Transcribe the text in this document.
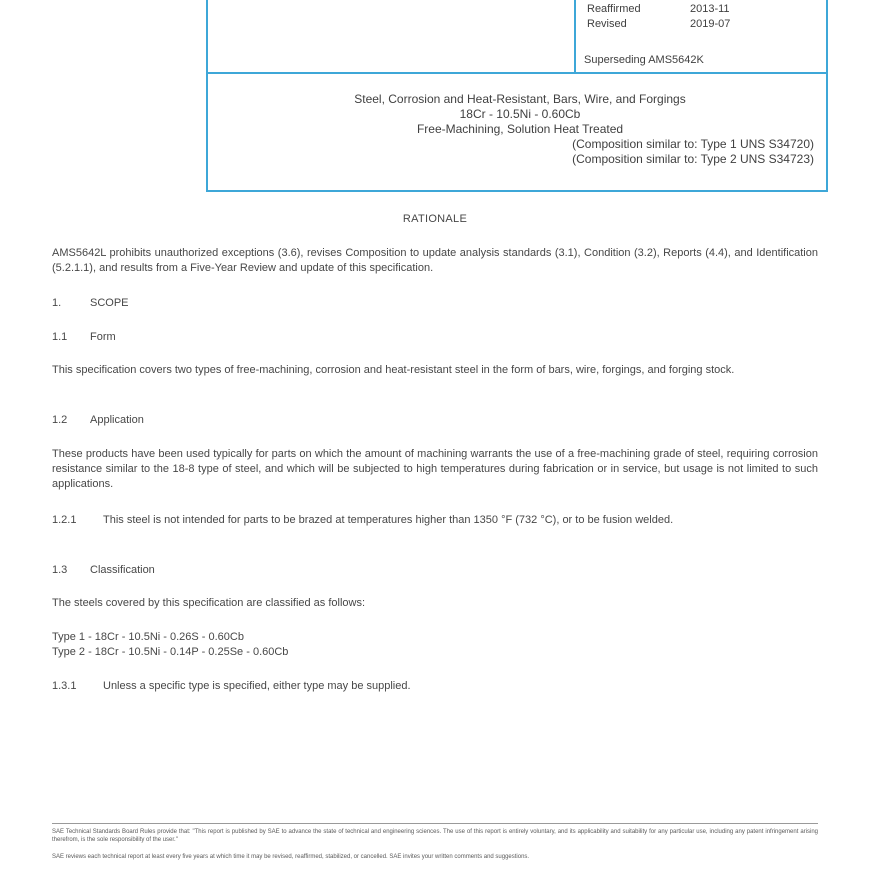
Reaffirmed	2013-11
Revised	2019-07
Superseding AMS5642K
Steel, Corrosion and Heat-Resistant, Bars, Wire, and Forgings
18Cr - 10.5Ni - 0.60Cb
Free-Machining, Solution Heat Treated
(Composition similar to: Type 1 UNS S34720)
(Composition similar to: Type 2 UNS S34723)
RATIONALE
AMS5642L prohibits unauthorized exceptions (3.6), revises Composition to update analysis standards (3.1), Condition (3.2), Reports (4.4), and Identification (5.2.1.1), and results from a Five-Year Review and update of this specification.
1.	SCOPE
1.1 Form
This specification covers two types of free-machining, corrosion and heat-resistant steel in the form of bars, wire, forgings, and forging stock.
1.2 Application
These products have been used typically for parts on which the amount of machining warrants the use of a free-machining grade of steel, requiring corrosion resistance similar to the 18-8 type of steel, and which will be subjected to high temperatures during fabrication or in service, but usage is not limited to such applications.
1.2.1 This steel is not intended for parts to be brazed at temperatures higher than 1350 °F (732 °C), or to be fusion welded.
1.3 Classification
The steels covered by this specification are classified as follows:
Type 1 - 18Cr - 10.5Ni - 0.26S - 0.60Cb
Type 2 - 18Cr - 10.5Ni - 0.14P - 0.25Se - 0.60Cb
1.3.1 Unless a specific type is specified, either type may be supplied.
SAE Technical Standards Board Rules provide that: "This report is published by SAE to advance the state of technical and engineering sciences. The use of this report is entirely voluntary, and its applicability and suitability for any particular use, including any patent infringement arising therefrom, is the sole responsibility of the user."
SAE reviews each technical report at least every five years at which time it may be revised, reaffirmed, stabilized, or cancelled. SAE invites your written comments and suggestions.
